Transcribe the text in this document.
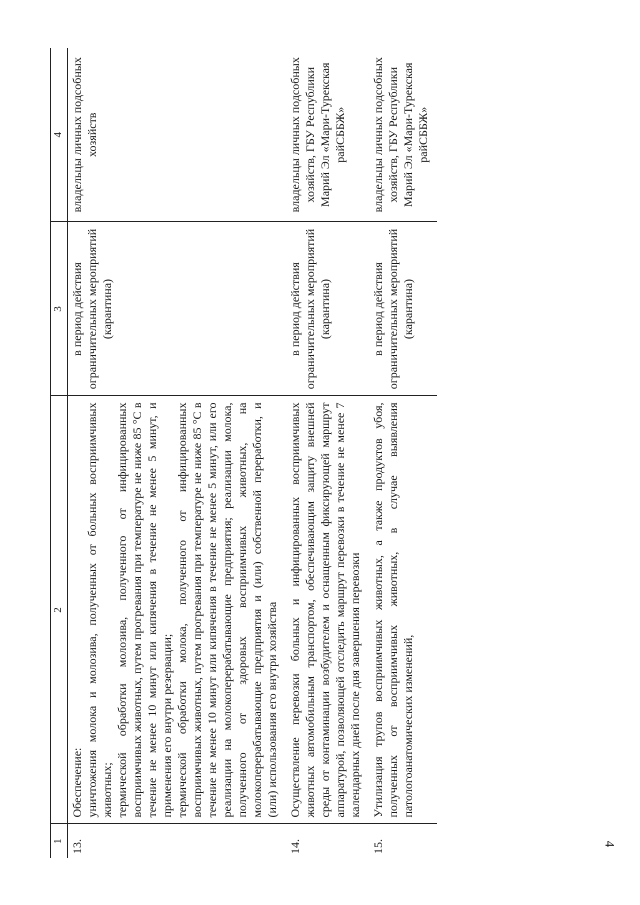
4
1	2	3	4
13.	Обеспечение: уничтожения молока и молозива, полученных от больных восприимчивых животных; термической обработки молозива, полученного от инфицированных восприимчивых животных, путем прогревания при температуре не ниже 85 °С в течение не менее 10 минут или кипячения в течение не менее 5 минут, и применения его внутри резервации; термической обработки молока, полученного от инфицированных восприимчивых животных, путем прогревания при температуре не ниже 85 °С в течение не менее 10 минут или кипячения в течение не менее 5 минут, или его реализации на молокоперерабатывающие предприятия; реализации молока, полученного от здоровых восприимчивых животных, на молокоперерабатывающие предприятия и (или) собственной переработки, и (или) использования его внутри хозяйства	в период действия ограничительных мероприятий (карантина)	владельцы личных подсобных хозяйств
14.	Осуществление перевозки больных и инфицированных восприимчивых животных автомобильным транспортом, обеспечивающим защиту внешней среды от контаминации возбудителем и оснащенным фиксирующей маршрут аппаратурой, позволяющей отследить маршрут перевозки в течение не менее 7 календарных дней после дня завершения перевозки	в период действия ограничительных мероприятий (карантина)	владельцы личных подсобных хозяйств, ГБУ Республики Марий Эл «Мари-Турекская райСББЖ»
15.	Утилизация трупов восприимчивых животных, а также продуктов убоя, полученных от восприимчивых животных, в случае выявления патологоанатомических изменений,	в период действия ограничительных мероприятий (карантина)	владельцы личных подсобных хозяйств, ГБУ Республики Марий Эл «Мари-Турекская райСББЖ»
